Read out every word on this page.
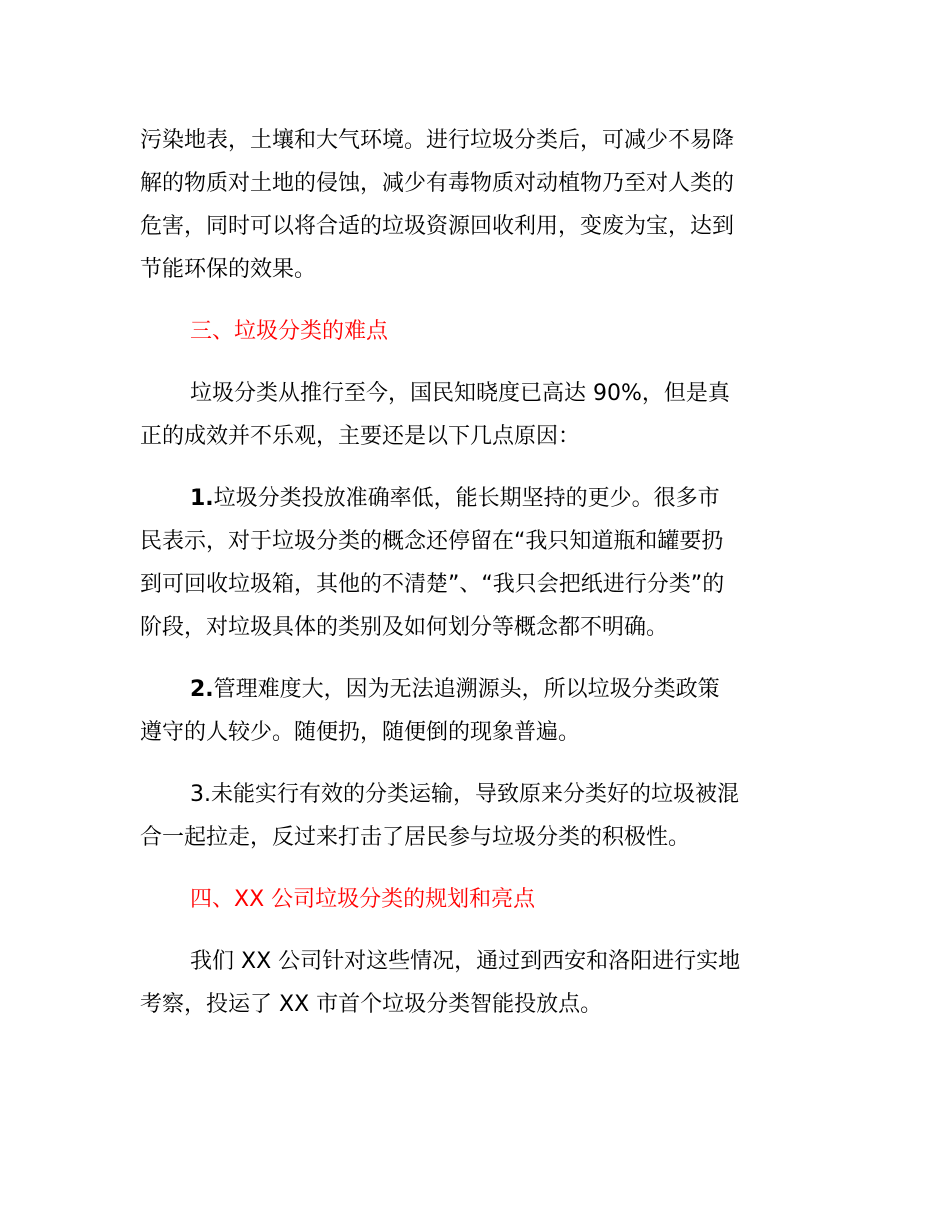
污染地表，土壤和大气环境。进行垃圾分类后，可减少不易降
解的物质对土地的侵蚀，减少有毒物质对动植物乃至对人类的
危害，同时可以将合适的垃圾资源回收利用，变废为宝，达到
节能环保的效果。
三、垃圾分类的难点
垃圾分类从推行至今，国民知晓度已高达 90%，但是真
正的成效并不乐观，主要还是以下几点原因：
1.垃圾分类投放准确率低，能长期坚持的更少。很多市
民表示，对于垃圾分类的概念还停留在“我只知道瓶和罐要扔
到可回收垃圾箱，其他的不清楚”、“我只会把纸进行分类”的
阶段，对垃圾具体的类别及如何划分等概念都不明确。
2.管理难度大，因为无法追溯源头，所以垃圾分类政策
遵守的人较少。随便扔，随便倒的现象普遍。
3.未能实行有效的分类运输，导致原来分类好的垃圾被混
合一起拉走，反过来打击了居民参与垃圾分类的积极性。
四、XX 公司垃圾分类的规划和亮点
我们 XX 公司针对这些情况，通过到西安和洛阳进行实地
考察，投运了 XX 市首个垃圾分类智能投放点。
